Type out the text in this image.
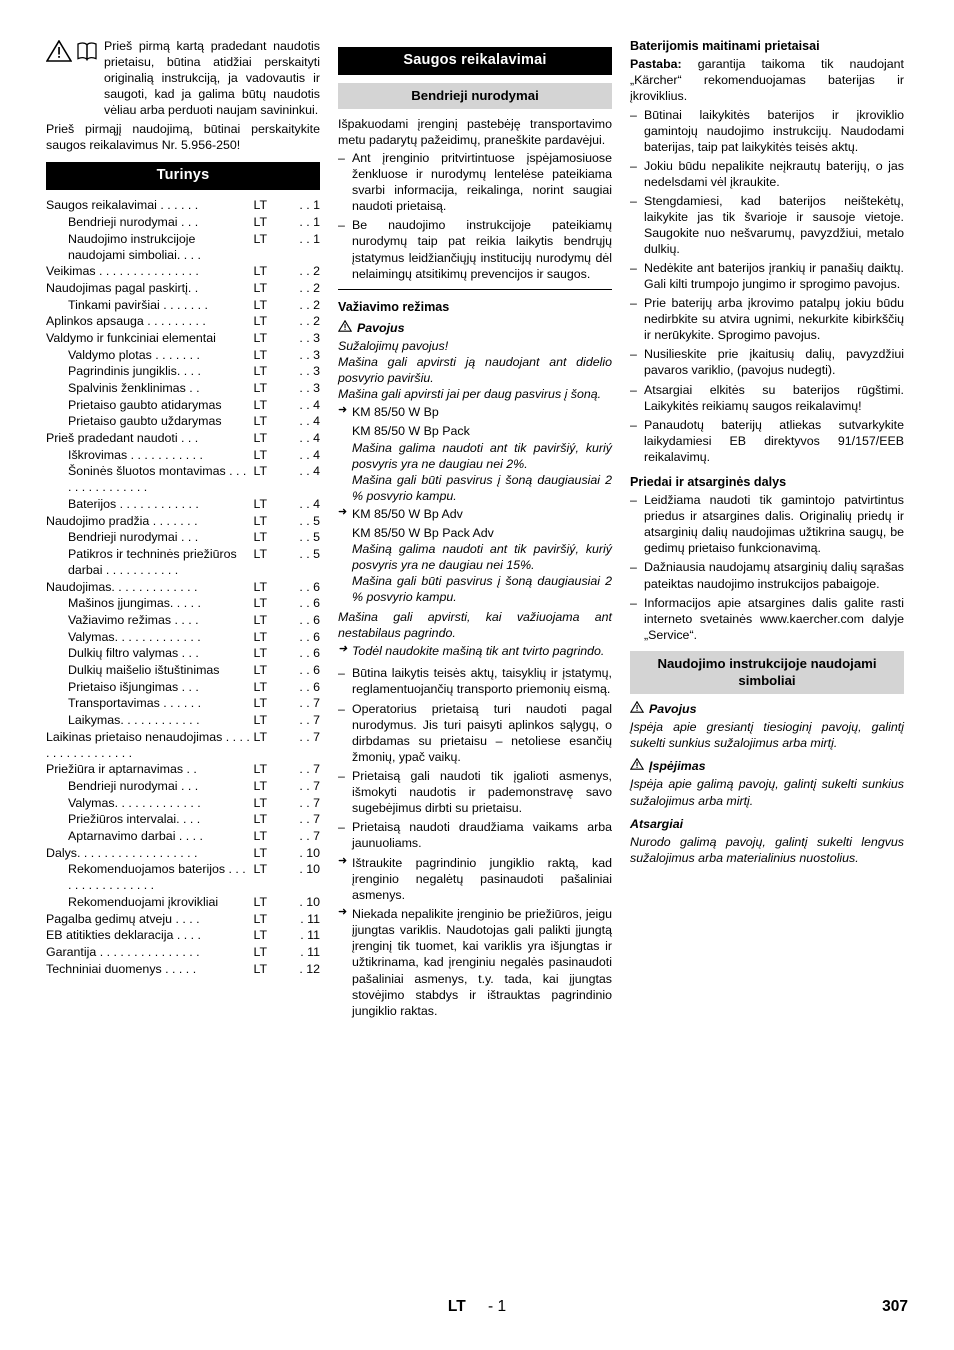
Prieš pirmą kartą pradedant naudotis prietaisu, būtina atidžiai perskaityti originalią instrukciją, ja vadovautis ir saugoti, kad ja galima būtų naudotis vėliau arba perduoti naujam savininkui.

Prieš pirmąjį naudojimą, būtinai perskaitykite saugos reikalavimus Nr. 5.956-250!

Turinys
Saugos reikalavimai . . . . . .	LT	. . 1
Bendrieji nurodymai . . .	LT	. . 1
Naudojimo instrukcijoje naudojami simboliai. . . .	LT	. . 1
Veikimas . . . . . . . . . . . . . . .	LT	. . 2
Naudojimas pagal paskirtį. .	LT	. . 2
Tinkami paviršiai . . . . . . .	LT	. . 2
Aplinkos apsauga . . . . . . . . .	LT	. . 2
Valdymo ir funkciniai elementai	LT	. . 3
Valdymo plotas . . . . . . .	LT	. . 3
Pagrindinis jungiklis. . . .	LT	. . 3
Spalvinis ženklinimas . .	LT	. . 3
Prietaiso gaubto atidarymas	LT	. . 4
Prietaiso gaubto uždarymas	LT	. . 4
Prieš pradedant naudoti . . .	LT	. . 4
Iškrovimas . . . . . . . . . . .	LT	. . 4
Šoninės šluotos montavimas . . . . . . . . . . . . . . .	LT	. . 4
Baterijos . . . . . . . . . . . .	LT	. . 4
Naudojimo pradžia . . . . . . .	LT	. . 5
Bendrieji nurodymai . . .	LT	. . 5
Patikros ir techninės priežiūros darbai . . . . . . . . . . .	LT	. . 5
Naudojimas. . . . . . . . . . . . .	LT	. . 6
Mašinos įjungimas. . . . .	LT	. . 6
Važiavimo režimas . . . .	LT	. . 6
Valymas. . . . . . . . . . . . .	LT	. . 6
Dulkių filtro valymas . . .	LT	. . 6
Dulkių maišelio ištuštinimas	LT	. . 6
Prietaiso išjungimas . . .	LT	. . 6
Transportavimas . . . . . .	LT	. . 7
Laikymas. . . . . . . . . . . .	LT	. . 7
Laikinas prietaiso nenaudojimas . . . . . . . . . . . . . . . . .	LT	. . 7
Priežiūra ir aptarnavimas . .	LT	. . 7
Bendrieji nurodymai . . .	LT	. . 7
Valymas. . . . . . . . . . . . .	LT	. . 7
Priežiūros intervalai. . . .	LT	. . 7
Aptarnavimo darbai . . . .	LT	. . 7
Dalys. . . . . . . . . . . . . . . . . .	LT	. 10
Rekomenduojamos baterijos . . . . . . . . . . . . . . . .	LT	. 10
Rekomenduojami įkrovikliai	LT	. 10
Pagalba gedimų atveju . . . .	LT	. 11
EB atitikties deklaracija . . . .	LT	. 11
Garantija . . . . . . . . . . . . . . .	LT	. 11
Techniniai duomenys . . . . .	LT	. 12
Saugos reikalavimai
Bendrieji nurodymai

Išpakuodami įrenginį pastebėję transportavimo metu padarytų pažeidimų, praneškite pardavėjui.

– Ant įrenginio pritvirtintuose įspėjamosiuose ženkluose ir nurodymų lentelėse pateikiama svarbi informacija, reikalinga, norint saugiai naudoti prietaisą.
– Be naudojimo instrukcijoje pateikiamų nurodymų taip pat reikia laikytis bendrųjų įstatymus leidžiančiųjų institucijų nurodymų dėl nelaimingų atsitikimų prevencijos ir saugos.
Važiavimo režimas
Pavojus

Sužalojimų pavojus!

Mašina gali apvirsti ją naudojant ant didelio posvyrio paviršiu.

Mašina gali apvirsti jai per daug pasvirus į šoną.

➜ KM 85/50 W Bp
KM 85/50 W Bp Pack
Mašina galima naudoti ant tik paviršiý, kuriý posvyris yra ne daugiau nei 2%.
Mašina gali būti pasvirus į šoną daugiausiai 2 % posvyrio kampu.
➜ KM 85/50 W Bp Adv
KM 85/50 W Bp Pack Adv
Mašiną galima naudoti ant tik paviršiý, kuriý posvyris yra ne daugiau nei 15%.
Mašina gali būti pasvirus į šoną daugiausiai 2 % posvyrio kampu.

Mašina gali apvirsti, kai važiuojama ant nestabilaus pagrindo.

➜ Todėl naudokite mašiną tik ant tvirto pagrindo.
– Būtina laikytis teisės aktų, taisyklių ir įstatymų, reglamentuojančių transporto priemonių eismą.
– Operatorius prietaisą turi naudoti pagal nurodymus. Jis turi paisyti aplinkos sąlygų, o dirbdamas su prietaisu – netoliese esančių žmonių, ypač vaikų.
– Prietaisą gali naudoti tik įgalioti asmenys, išmokyti naudotis ir pademonstravę savo sugebėjimus dirbti su prietaisu.
– Prietaisą naudoti draudžiama vaikams arba jaunuoliams.
➜ Ištraukite pagrindinio jungiklio raktą, kad įrenginio negalėtų pasinaudoti pašaliniai asmenys.
➜ Niekada nepalikite įrenginio be priežiūros, jeigu įjungtas variklis. Naudotojas gali palikti įjungtą įrenginį tik tuomet, kai variklis yra išjungtas ir užtikrinama, kad įrenginiu negalės pasinaudoti pašaliniai asmenys, t.y. tada, kai įjungtas stovėjimo stabdys ir ištrauktas pagrindinio jungiklio raktas.
Baterijomis maitinami prietaisai

Pastaba: garantija taikoma tik naudojant „Kärcher“ rekomenduojamas baterijas ir įkroviklius.

– Būtinai laikykitės baterijos ir įkroviklio gamintojų naudojimo instrukcijų. Naudodami baterijas, taip pat laikykitės teisės aktų.
– Jokiu būdu nepalikite neįkrautų baterijų, o jas nedelsdami vėl įkraukite.
– Stengdamiesi, kad baterijos neištekėtų, laikykite jas tik švarioje ir sausoje vietoje. Saugokite nuo nešvarumų, pavyzdžiui, metalo dulkių.
– Nedėkite ant baterijos įrankių ir panašių daiktų. Gali kilti trumpojo jungimo ir sprogimo pavojus.
– Prie baterijų arba įkrovimo patalpų jokiu būdu nedirbkite su atvira ugnimi, nekurkite kibirkščių ir nerūkykite. Sprogimo pavojus.
– Nusilieskite prie įkaitusių dalių, pavyzdžiui pavaros variklio, (pavojus nudegti).
– Atsargiai elkitės su baterijos rūgštimi. Laikykitės reikiamų saugos reikalavimų!
– Panaudotų baterijų atliekas sutvarkykite laikydamiesi EB direktyvos 91/157/EEB reikalavimų.
Priedai ir atsarginės dalys
– Leidžiama naudoti tik gamintojo patvirtintus priedus ir atsargines dalis. Originalių priedų ir atsarginių dalių naudojimas užtikrina saugų, be gedimų prietaiso funkcionavimą.
– Dažniausia naudojamų atsarginių dalių sąrašas pateiktas naudojimo instrukcijos pabaigoje.
– Informacijos apie atsargines dalis galite rasti interneto svetainės www.kaercher.com dalyje „Service“.
Naudojimo instrukcijoje naudojami simboliai
Pavojus

Įspėja apie gresiantį tiesioginį pavojų, galintį sukelti sunkius sužalojimus arba mirtį.

Įspėjimas

Įspėja apie galimą pavojų, galintį sukelti sunkius sužalojimus arba mirtį.

Atsargiai

Nurodo galimą pavojų, galintį sukelti lengvus sužalojimus arba materialinius nuostolius.

LT - 1	307
